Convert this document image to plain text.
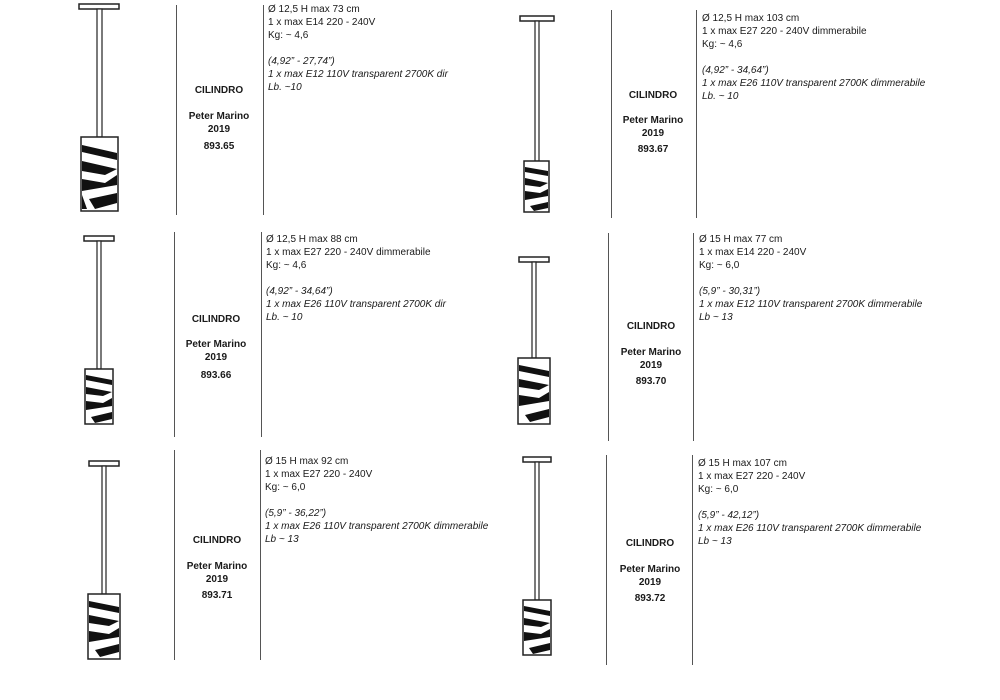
CILINDRO
Peter Marino
2019
893.65
Ø 12,5 H max 73 cm
1 x max E14 220 - 240V
Kg: ~ 4,6
(4,92” - 27,74”)
1 x max E12 110V transparent 2700K dir
Lb. ~10
CILINDRO
Peter Marino
2019
893.67
Ø 12,5 H max 103 cm
1 x max E27 220 - 240V dimmerabile
Kg: ~ 4,6
(4,92” - 34,64”)
1 x max E26 110V transparent 2700K dimmerabile
Lb. ~ 10
CILINDRO
Peter Marino
2019
893.66
Ø 12,5 H max 88 cm
1 x max E27 220 - 240V dimmerabile
Kg: ~ 4,6
(4,92” - 34,64”)
1 x max E26 110V transparent 2700K dir
Lb. ~ 10
CILINDRO
Peter Marino
2019
893.70
Ø 15 H max 77 cm
1 x max E14 220 - 240V
Kg: ~ 6,0
(5,9” - 30,31”)
1 x max E12 110V transparent 2700K dimmerabile
Lb ~ 13
CILINDRO
Peter Marino
2019
893.71
Ø 15 H max 92 cm
1 x max E27 220 - 240V
Kg: ~ 6,0
(5,9” - 36,22”)
1 x max E26 110V transparent 2700K dimmerabile
Lb ~ 13	CILINDRO
Peter Marino
2019
893.72
Ø 15 H max 107 cm
1 x max E27 220 - 240V
Kg: ~ 6,0
(5,9” - 42,12”)
1 x max E26 110V transparent 2700K dimmerabile
Lb ~ 13
